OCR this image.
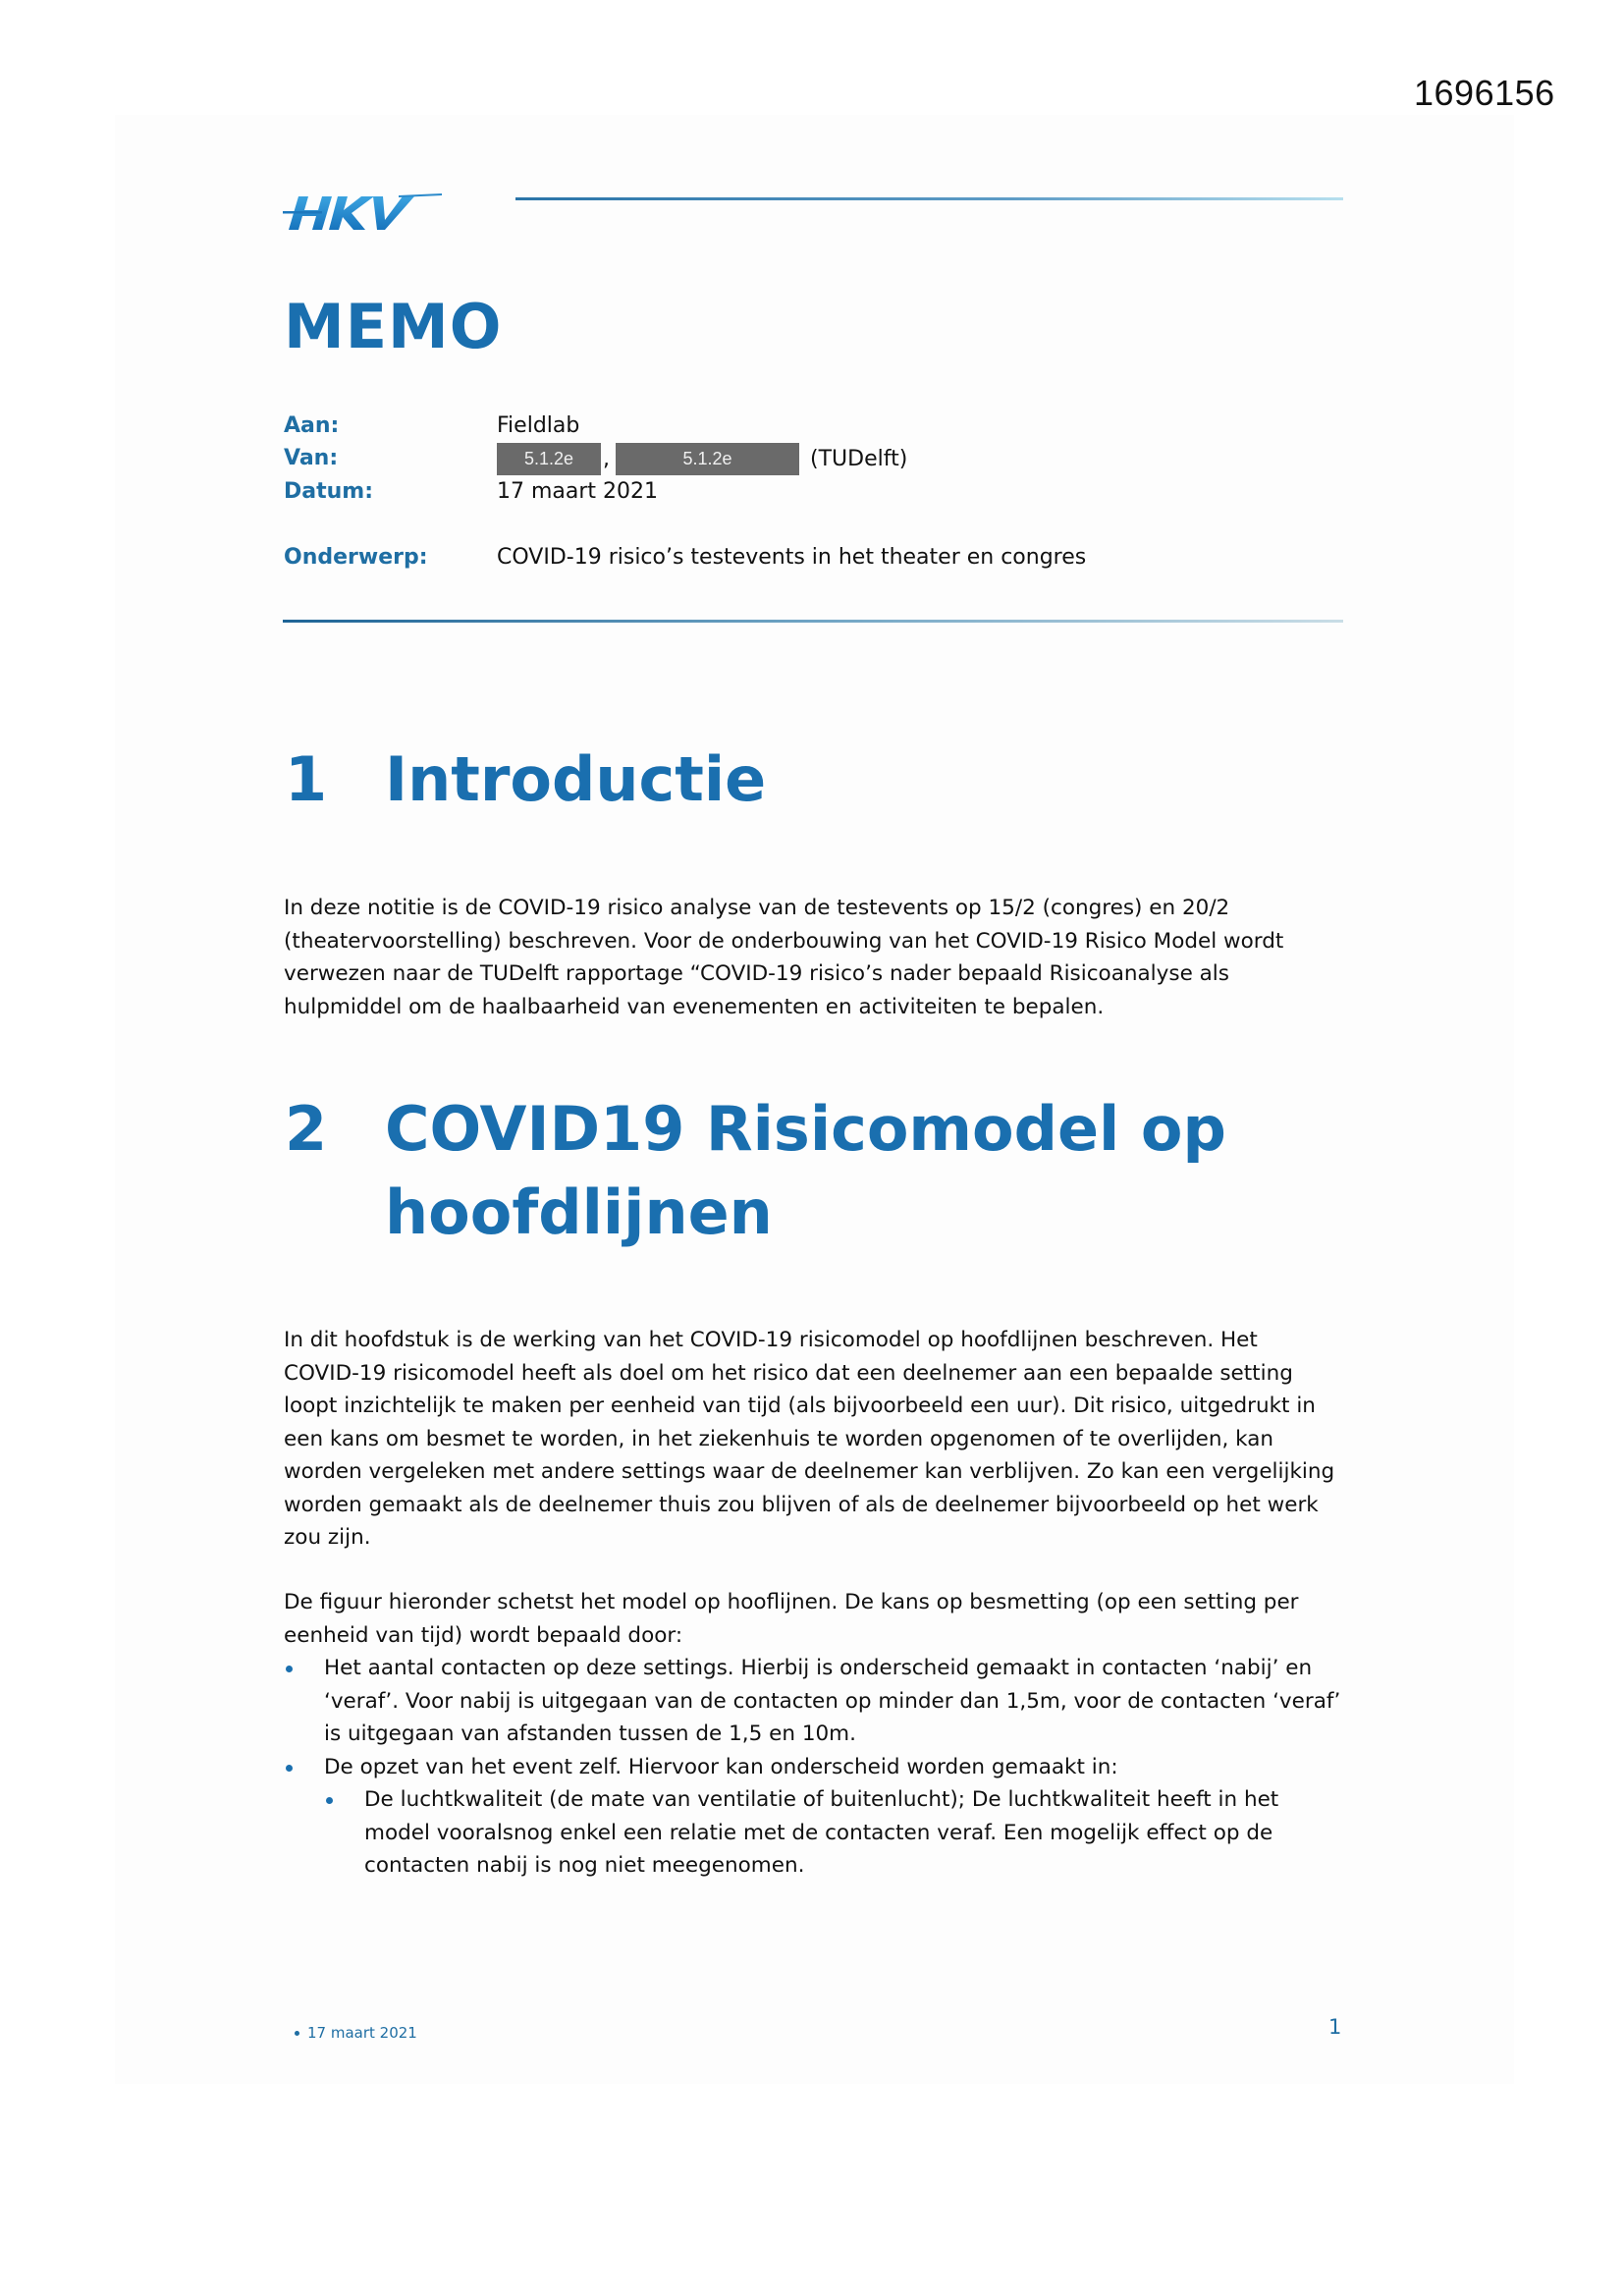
1696156
MEMO
Aan:	Fieldlab
Van:	5.1.2e ,	5.1.2e	(TUDelft)
Datum:	17 maart 2021
Onderwerp:	COVID-19 risico’s testevents in het theater en congres
1 Introductie
In deze notitie is de COVID-19 risico analyse van de testevents op 15/2 (congres) en 20/2
(theatervoorstelling) beschreven. Voor de onderbouwing van het COVID-19 Risico Model wordt
verwezen naar de TUDelft rapportage “COVID-19 risico’s nader bepaald Risicoanalyse als
hulpmiddel om de haalbaarheid van evenementen en activiteiten te bepalen.
2 COVID19 Risicomodel op
hoofdlijnen
In dit hoofdstuk is de werking van het COVID-19 risicomodel op hoofdlijnen beschreven. Het
COVID-19 risicomodel heeft als doel om het risico dat een deelnemer aan een bepaalde setting
loopt inzichtelijk te maken per eenheid van tijd (als bijvoorbeeld een uur). Dit risico, uitgedrukt in
een kans om besmet te worden, in het ziekenhuis te worden opgenomen of te overlijden, kan
worden vergeleken met andere settings waar de deelnemer kan verblijven. Zo kan een vergelijking
worden gemaakt als de deelnemer thuis zou blijven of als de deelnemer bijvoorbeeld op het werk
zou zijn.
De figuur hieronder schetst het model op hooflijnen. De kans op besmetting (op een setting per
eenheid van tijd) wordt bepaald door:
Het aantal contacten op deze settings. Hierbij is onderscheid gemaakt in contacten ‘nabij’ en
‘veraf’. Voor nabij is uitgegaan van de contacten op minder dan 1,5m, voor de contacten ‘veraf’
is uitgegaan van afstanden tussen de 1,5 en 10m.
De opzet van het event zelf. Hiervoor kan onderscheid worden gemaakt in:
De luchtkwaliteit (de mate van ventilatie of buitenlucht); De luchtkwaliteit heeft in het
model vooralsnog enkel een relatie met de contacten veraf. Een mogelijk effect op de
contacten nabij is nog niet meegenomen.
17 maart 2021	1
